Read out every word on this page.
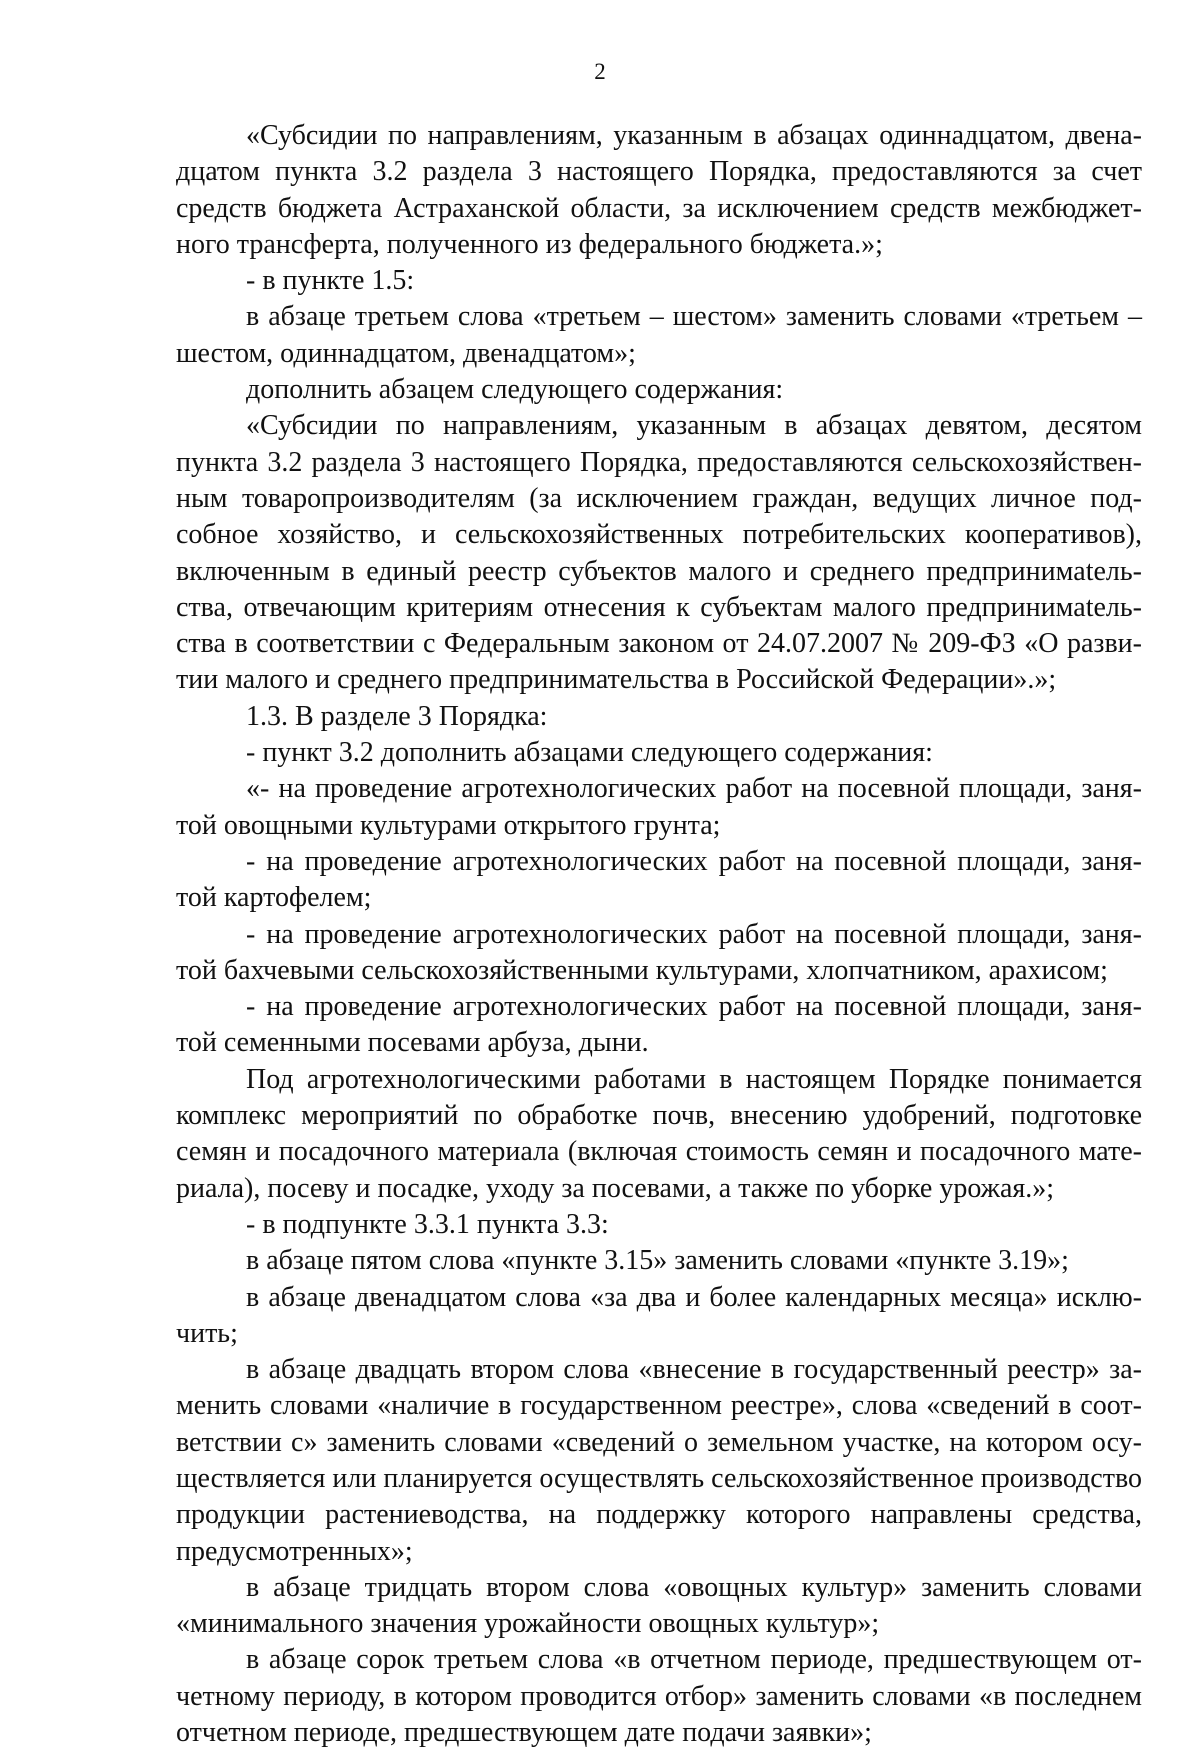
2

«Субсидии по направлениям, указанным в абзацах одиннадцатом, двенадцатом пункта 3.2 раздела 3 настоящего Порядка, предоставляются за счет средств бюджета Астраханской области, за исключением средств межбюджетного трансферта, полученного из федерального бюджета.»;

- в пункте 1.5:

в абзаце третьем слова «третьем – шестом» заменить словами «третьем – шестом, одиннадцатом, двенадцатом»;

дополнить абзацем следующего содержания:

«Субсидии по направлениям, указанным в абзацах девятом, десятом пункта 3.2 раздела 3 настоящего Порядка, предоставляются сельскохозяйственным товаропроизводителям (за исключением граждан, ведущих личное подсобное хозяйство, и сельскохозяйственных потребительских кооперативов), включенным в единый реестр субъектов малого и среднего предпринимatельства, отвечающим критериям отнесения к субъектам малого предпринимatельства в соответствии с Федеральным законом от 24.07.2007 № 209-ФЗ «О развитии малого и среднего предпринимательства в Российской Федерации».»;

1.3. В разделе 3 Порядка:

- пункт 3.2 дополнить абзацами следующего содержания:

«- на проведение агротехнологических работ на посевной площади, занятой овощными культурами открытого грунта;

- на проведение агротехнологических работ на посевной площади, занятой картофелем;

- на проведение агротехнологических работ на посевной площади, занятой бахчевыми сельскохозяйственными культурами, хлопчатником, арахисом;

- на проведение агротехнологических работ на посевной площади, занятой семенными посевами арбуза, дыни.

Под агротехнологическими работами в настоящем Порядке понимается комплекс мероприятий по обработке почв, внесению удобрений, подготовке семян и посадочного материала (включая стоимость семян и посадочного материала), посеву и посадке, уходу за посевами, а также по уборке урожая.»;

- в подпункте 3.3.1 пункта 3.3:

в абзаце пятом слова «пункте 3.15» заменить словами «пункте 3.19»;

в абзаце двенадцатом слова «за два и более календарных месяца» исключить;

в абзаце двадцать втором слова «внесение в государственный реестр» заменить словами «наличие в государственном реестре», слова «сведений в соответствии с» заменить словами «сведений о земельном участке, на котором осуществляется или планируется осуществлять сельскохозяйственное производство продукции растениеводства, на поддержку которого направлены средства, предусмотренных»;

в абзаце тридцать втором слова «овощных культур» заменить словами «минимального значения урожайности овощных культур»;

в абзаце сорок третьем слова «в отчетном периоде, предшествующем отчетному периоду, в котором проводится отбор» заменить словами «в последнем отчетном периоде, предшествующем дате подачи заявки»;
